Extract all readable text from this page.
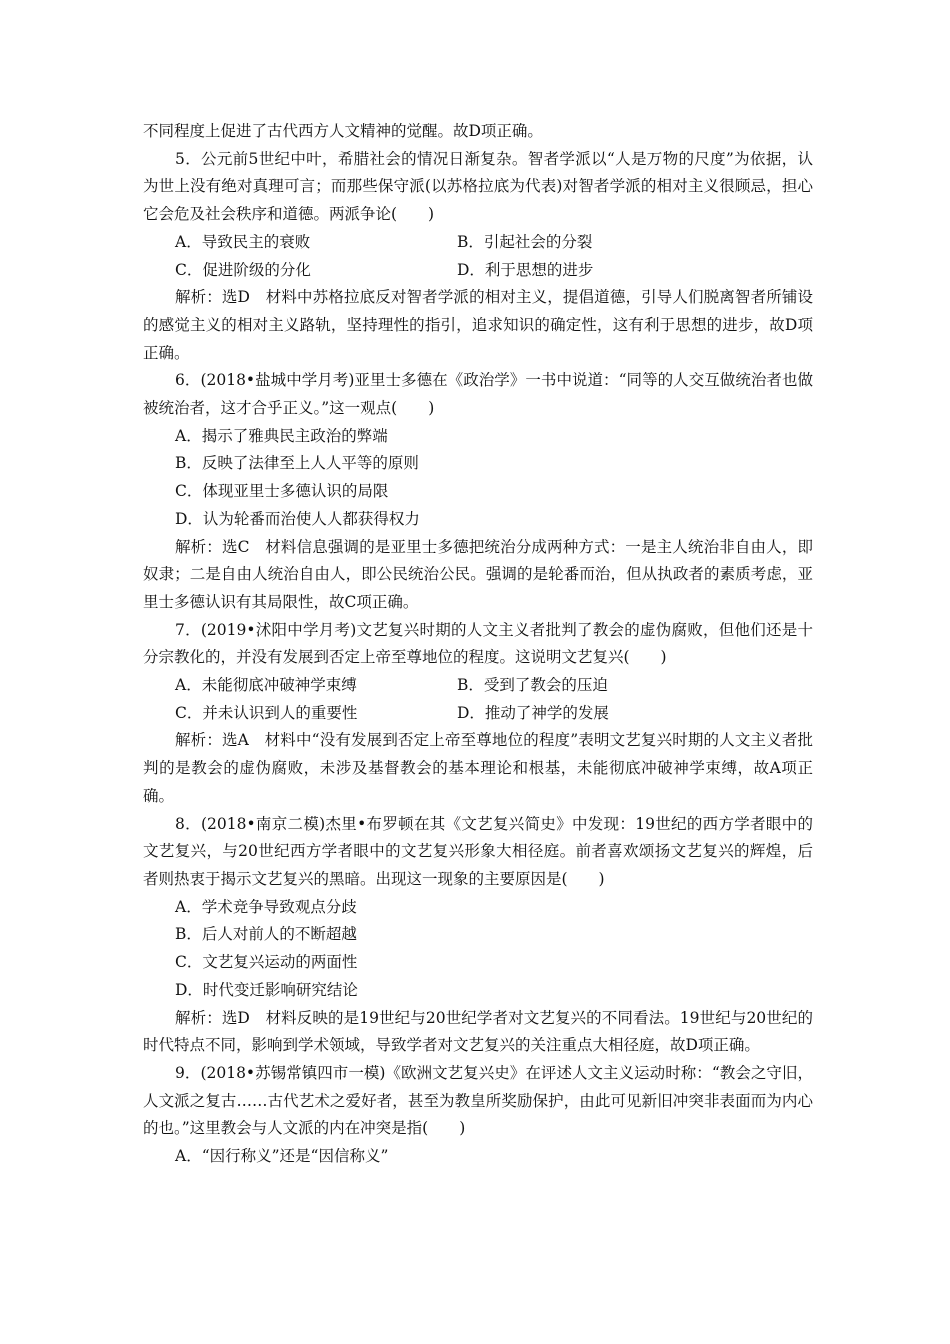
不同程度上促进了古代西方人文精神的觉醒。故D项正确。

5．公元前5世纪中叶，希腊社会的情况日渐复杂。智者学派以“人是万物的尺度”为依据，认为世上没有绝对真理可言；而那些保守派(以苏格拉底为代表)对智者学派的相对主义很顾忌，担心它会危及社会秩序和道德。两派争论(　　)

A．导致民主的衰败	B．引起社会的分裂
C．促进阶级的分化	D．利于思想的进步

解析：选D　材料中苏格拉底反对智者学派的相对主义，提倡道德，引导人们脱离智者所铺设的感觉主义的相对主义路轨，坚持理性的指引，追求知识的确定性，这有利于思想的进步，故D项正确。

6．(2018•盐城中学月考)亚里士多德在《政治学》一书中说道：“同等的人交互做统治者也做被统治者，这才合乎正义。”这一观点(　　)

A．揭示了雅典民主政治的弊端

B．反映了法律至上人人平等的原则

C．体现亚里士多德认识的局限

D．认为轮番而治使人人都获得权力

解析：选C　材料信息强调的是亚里士多德把统治分成两种方式：一是主人统治非自由人，即奴隶；二是自由人统治自由人，即公民统治公民。强调的是轮番而治，但从执政者的素质考虑，亚里士多德认识有其局限性，故C项正确。

7．(2019•沭阳中学月考)文艺复兴时期的人文主义者批判了教会的虚伪腐败，但他们还是十分宗教化的，并没有发展到否定上帝至尊地位的程度。这说明文艺复兴(　　)

A．未能彻底冲破神学束缚	B．受到了教会的压迫
C．并未认识到人的重要性	D．推动了神学的发展

解析：选A　材料中“没有发展到否定上帝至尊地位的程度”表明文艺复兴时期的人文主义者批判的是教会的虚伪腐败，未涉及基督教会的基本理论和根基，未能彻底冲破神学束缚，故A项正确。

8．(2018•南京二模)杰里•布罗顿在其《文艺复兴简史》中发现：19世纪的西方学者眼中的文艺复兴，与20世纪西方学者眼中的文艺复兴形象大相径庭。前者喜欢颂扬文艺复兴的辉煌，后者则热衷于揭示文艺复兴的黑暗。出现这一现象的主要原因是(　　)

A．学术竞争导致观点分歧

B．后人对前人的不断超越

C．文艺复兴运动的两面性

D．时代变迁影响研究结论

解析：选D　材料反映的是19世纪与20世纪学者对文艺复兴的不同看法。19世纪与20世纪的时代特点不同，影响到学术领域，导致学者对文艺复兴的关注重点大相径庭，故D项正确。

9．(2018•苏锡常镇四市一模)《欧洲文艺复兴史》在评述人文主义运动时称：“教会之守旧，人文派之复古……古代艺术之爱好者，甚至为教皇所奖励保护，由此可见新旧冲突非表面而为内心的也。”这里教会与人文派的内在冲突是指(　　)

A．“因行称义”还是“因信称义”
